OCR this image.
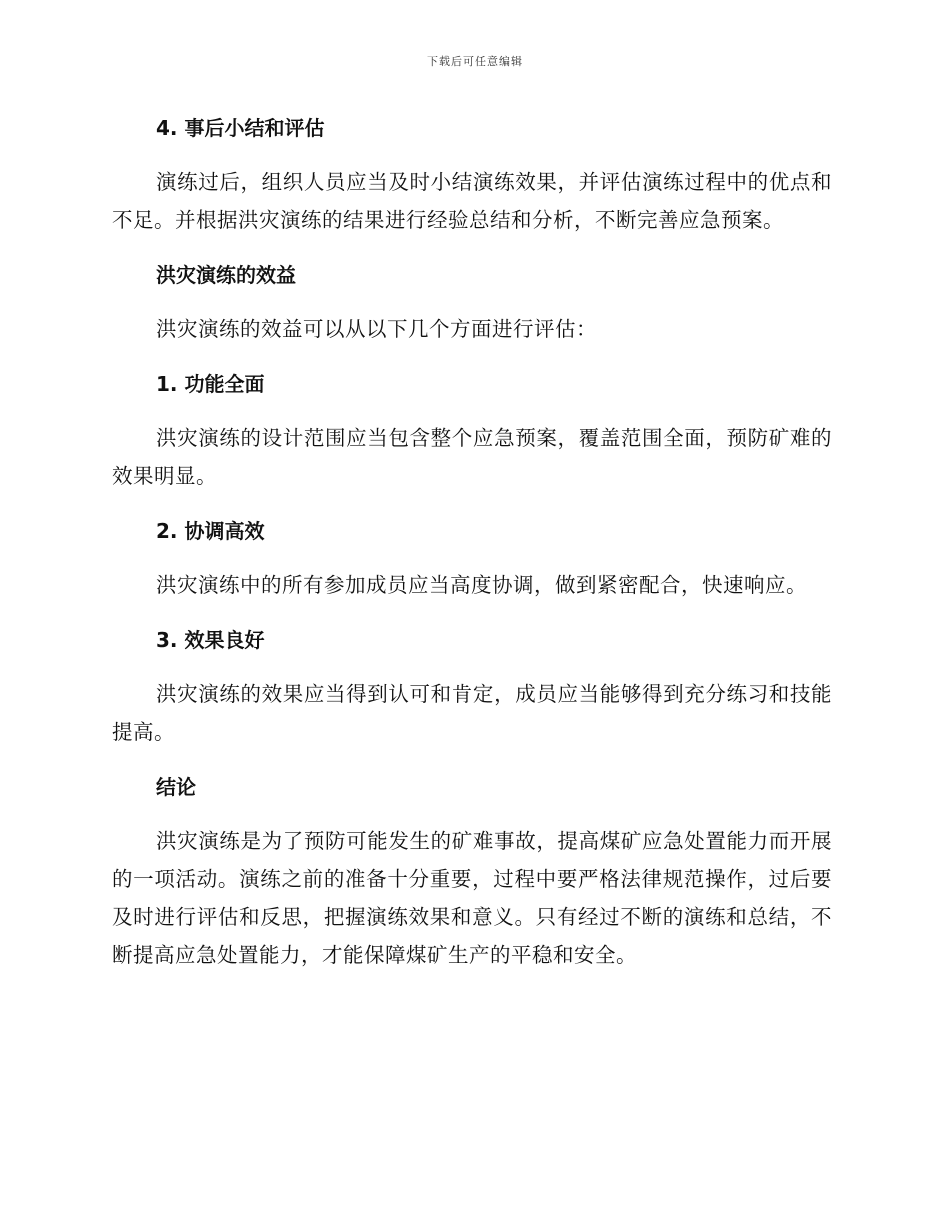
下载后可任意编辑
4. 事后小结和评估

演练过后，组织人员应当及时小结演练效果，并评估演练过程中的优点和不足。并根据洪灾演练的结果进行经验总结和分析，不断完善应急预案。

洪灾演练的效益

洪灾演练的效益可以从以下几个方面进行评估：

1. 功能全面

洪灾演练的设计范围应当包含整个应急预案，覆盖范围全面，预防矿难的效果明显。

2. 协调高效

洪灾演练中的所有参加成员应当高度协调，做到紧密配合，快速响应。

3. 效果良好

洪灾演练的效果应当得到认可和肯定，成员应当能够得到充分练习和技能提高。

结论

洪灾演练是为了预防可能发生的矿难事故，提高煤矿应急处置能力而开展的一项活动。演练之前的准备十分重要，过程中要严格法律规范操作，过后要及时进行评估和反思，把握演练效果和意义。只有经过不断的演练和总结，不断提高应急处置能力，才能保障煤矿生产的平稳和安全。
